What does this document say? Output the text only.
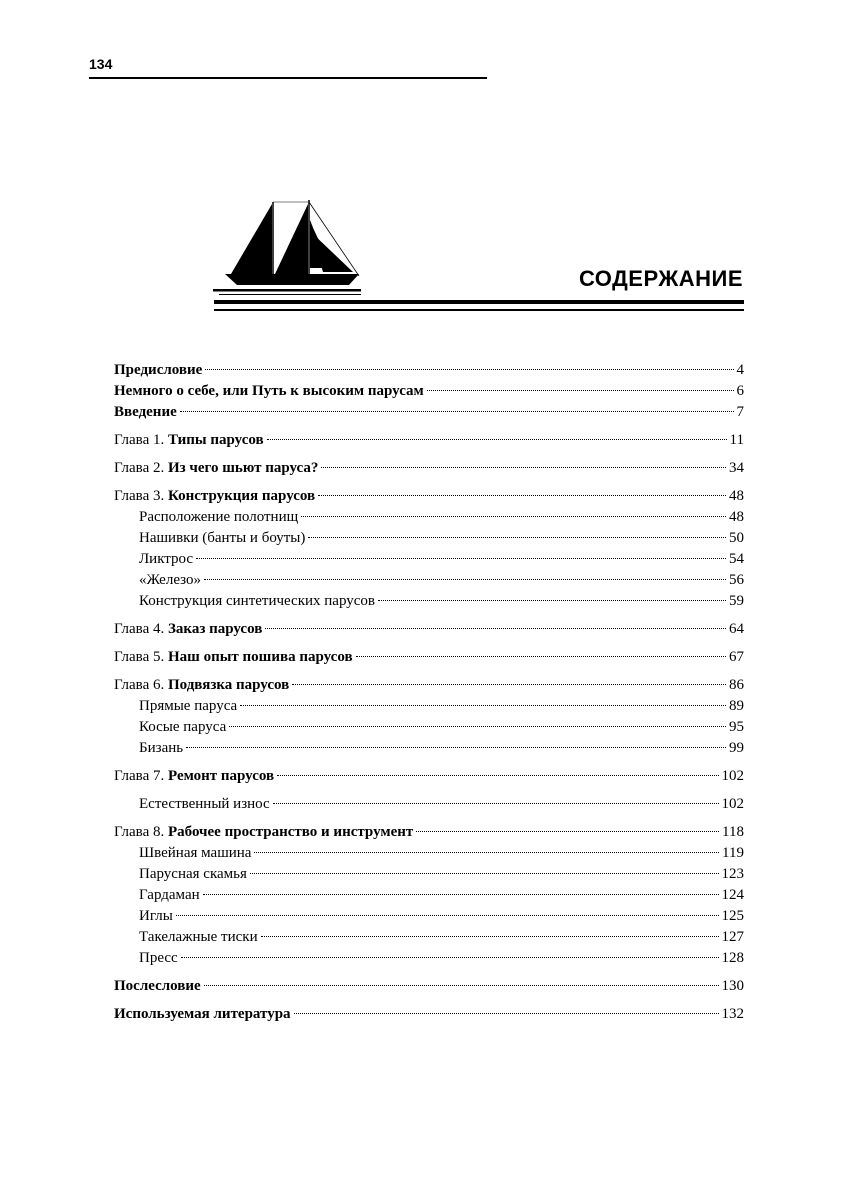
134
СОДЕРЖАНИЕ
Предисловие	4
Немного о себе, или Путь к высоким парусам	6
Введение	7
Глава 1. Типы парусов	11
Глава 2. Из чего шьют паруса?	34
Глава 3. Конструкция парусов	48
Расположение полотнищ	48
Нашивки (банты и боуты)	50
Ликтрос	54
«Железо»	56
Конструкция синтетических парусов	59
Глава 4. Заказ парусов	64
Глава 5. Наш опыт пошива парусов	67
Глава 6. Подвязка парусов	86
Прямые паруса	89
Косые паруса	95
Бизань	99
Глава 7. Ремонт парусов	102
Естественный износ	102
Глава 8. Рабочее пространство и инструмент	118
Швейная машина	119
Парусная скамья	123
Гардаман	124
Иглы	125
Такелажные тиски	127
Пресс	128
Послесловие	130
Используемая литература	132
